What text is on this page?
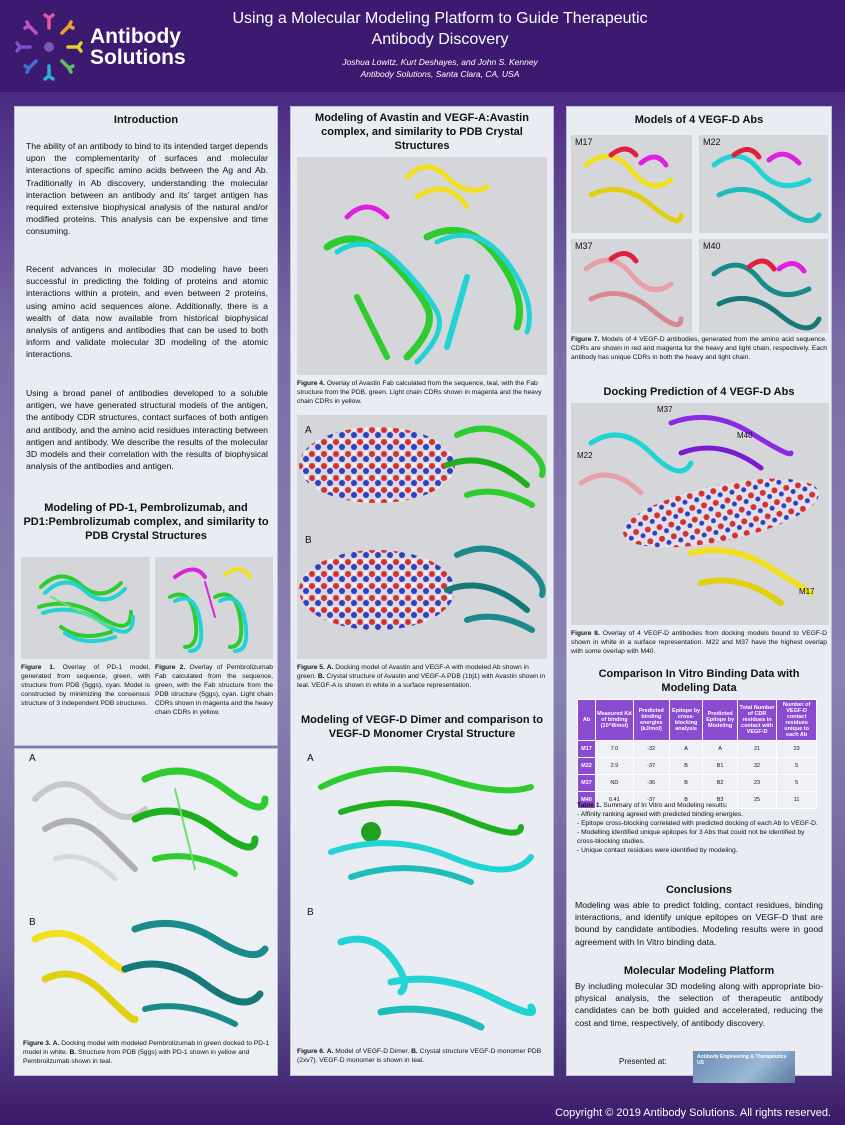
Antibody Solutions
Using a Molecular Modeling Platform to Guide Therapeutic Antibody Discovery
Joshua Lowitz, Kurt Deshayes, and John S. Kenney
Antibody Solutions, Santa Clara, CA, USA
Introduction

The ability of an antibody to bind to its intended target depends upon the complementarity of surfaces and molecular interactions of specific amino acids between the Ag and Ab. Traditionally in Ab discovery, understanding the molecular interaction between an antibody and its' target antigen has required extensive biophysical analysis of the natural and/or modified proteins. This analysis can be expensive and time consuming.

Recent advances in molecular 3D modeling have been successful in predicting the folding of proteins and atomic interactions within a protein, and even between 2 proteins, using amino acid sequences alone. Additionally, there is a wealth of data now available from historical biophysical analysis of antigens and antibodies that can be used to both inform and validate molecular 3D modeling of the atomic interactions.

Using a broad panel of antibodies developed to a soluble antigen, we have generated structural models of the antigen, the antibody CDR structures, contact surfaces of both antigen and antibody, and the amino acid residues interacting between antigen and antibody. We describe the results of the molecular 3D models and their correlation with the results of biophysical analysis of the antibodies and antigen.

Modeling of PD-1, Pembrolizumab, and PD1:Pembrolizumab complex, and similarity to PDB Crystal Structures

Figure 1. Overlay of PD-1 model, generated from sequence, green, with structure from PDB (5ggs), cyan. Model is constructed by minimizing the consensus structure of 3 independent PDB structures.

Figure 2. Overlay of Pembrolizumab Fab calculated from the sequence, green, with the Fab structure from the PDB structure (5ggs), cyan. Light chain CDRs shown in magenta and the heavy chain CDRs in yellow.

A
B

Figure 3. A. Docking model with modeled Pembrolizumab in green docked to PD-1 model in white. B. Structure from PDB (5ggs) with PD-1 shown in yellow and Pembroilzumab shown in teal.

Modeling of Avastin and VEGF-A:Avastin complex, and similarity to PDB Crystal Structures

Figure 4. Overlay of Avastin Fab calculated from the sequence, teal, with the Fab structure from the PDB, green. Light chain CDRs shown in magenta and the heavy chain CDRs in yellow.

A
B

Figure 5. A. Docking model of Avastin and VEGF-A with modeled Ab shown in green. B. Crystal structure of Avastin and VEGF-A PDB (1bj1) with Avastin shown in teal. VEGF-A is shown in white in a surface representation.

Modeling of VEGF-D Dimer and comparison to VEGF-D Monomer Crystal Structure
A
B

Figure 6. A. Model of VEGF-D Dimer. B. Crystal structure VEGF-D monomer PDB (2xv7). VEGF-D monomer is shown in teal.

Models of 4 VEGF-D Abs
M17	M22
M37	M40

Figure 7. Models of 4 VEGF-D antibodies, generated from the amino acid sequence. CDRs are shown in red and magenta for the heavy and light chain, respectively. Each antibody has unique CDRs in both the heavy and light chain.

Docking Prediction of 4 VEGF-D Abs
M37
M40
M22
M17

Figure 8. Overlay of 4 VEGF-D antibodies from docking models bound to VEGF-D shown in white in a surface representation. M22 and M37 have the highest overlap with some overlap with M40.

Comparison In Vitro Binding Data with Modeling Data
Ab	Measured Kd of binding (10^8/mol)	Predicted binding energies (kJ/mol)	Epitope by cross-blocking analysis	Predicted Epitope by Modeling	Total Number of CDR residues in contact with VEGF-D	Number of VEGF-D contact residues unique to each Ab
M17	7.0	-32	A	A	21	23
M22	2.9	-37	B	B1	32	5
M37	ND	-36	B	B2	23	5
M40	0.41	-37	B	B3	25	11
Table 1. Summary of In Vitro and Modeling results:
- Affinity ranking agreed with predicted binding energies.
- Epitope cross-blocking correlated with predicted docking of each Ab to VEGF-D.
- Modelling identified unique epitopes for 3 Abs that could not be identified by cross-blocking studies.
- Unique contact residues were identified by modeling.
Conclusions

Modeling was able to predict folding, contact residues, binding interactions, and identify unique epitopes on VEGF-D that are bound by candidate antibodies. Modeling results were in good agreement with In Vitro binding data.

Molecular Modeling Platform

By including molecular 3D modeling along with appropriate bio-physical analysis, the selection of therapeutic antibody candidates can be both guided and accelerated, reducing the cost and time, respectively, of antibody discovery.

Presented at:	Antibody Engineering & Therapeutics US
Copyright © 2019 Antibody Solutions. All rights reserved.
